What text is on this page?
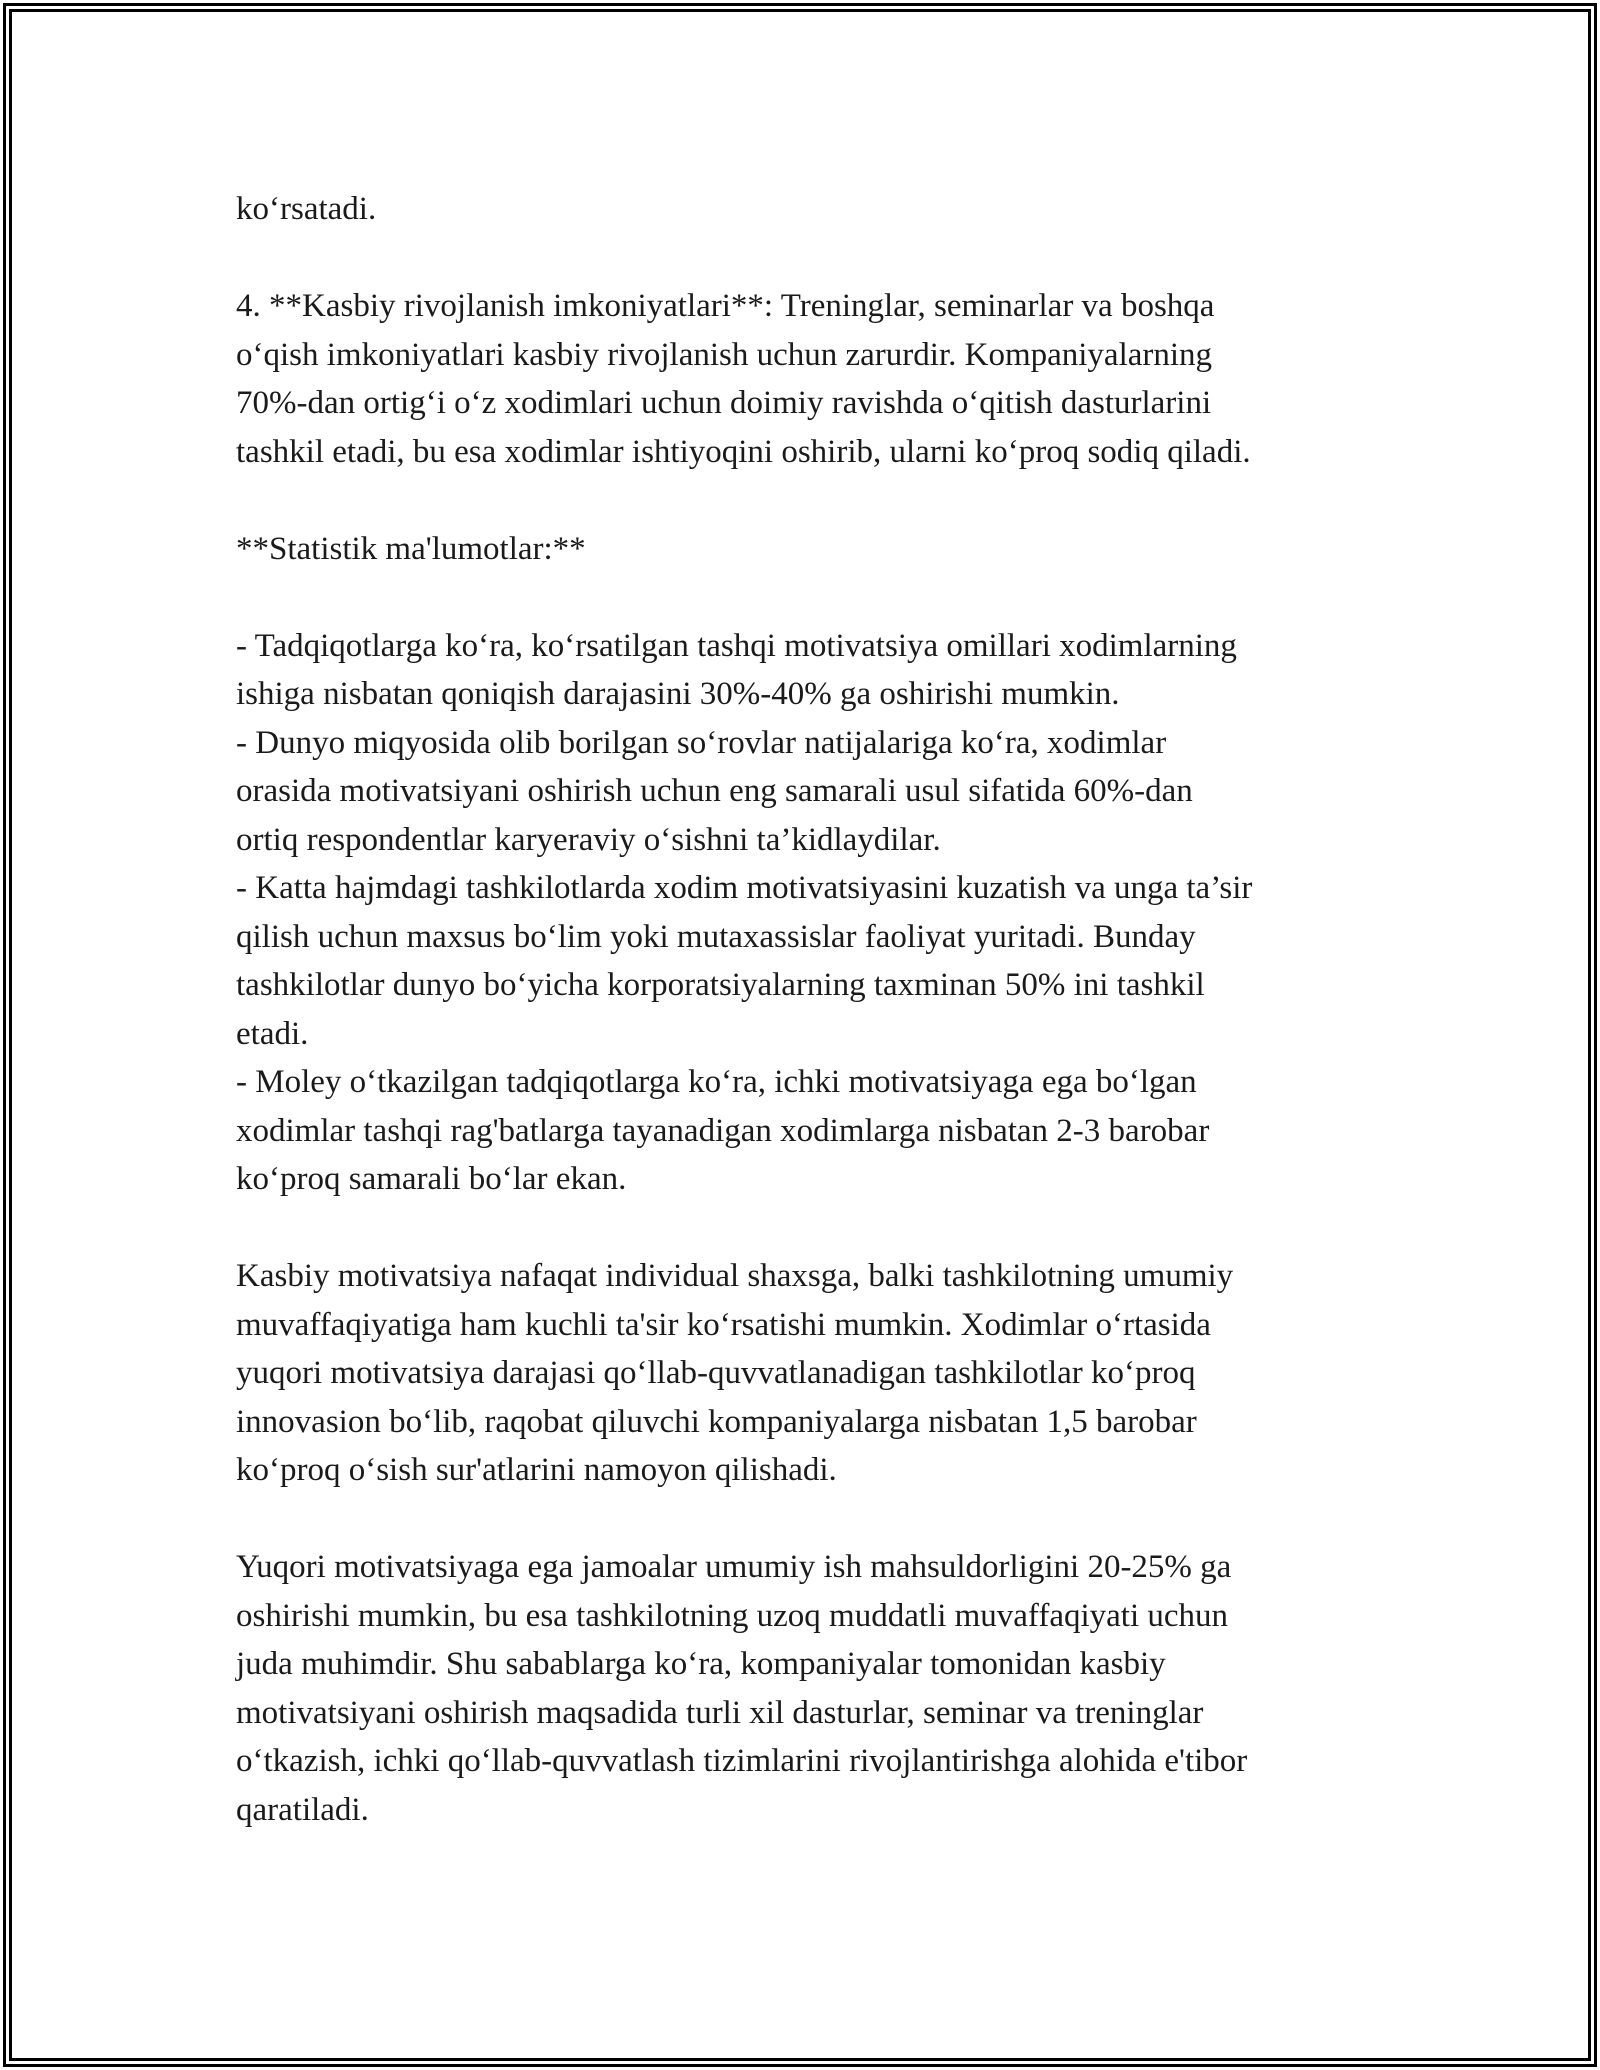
ko‘rsatadi.

4. **Kasbiy rivojlanish imkoniyatlari**: Treninglar, seminarlar va boshqa
o‘qish imkoniyatlari kasbiy rivojlanish uchun zarurdir. Kompaniyalarning
70%-dan ortig‘i o‘z xodimlari uchun doimiy ravishda o‘qitish dasturlarini
tashkil etadi, bu esa xodimlar ishtiyoqini oshirib, ularni ko‘proq sodiq qiladi.

**Statistik ma'lumotlar:**

- Tadqiqotlarga ko‘ra, ko‘rsatilgan tashqi motivatsiya omillari xodimlarning
ishiga nisbatan qoniqish darajasini 30%-40% ga oshirishi mumkin.
- Dunyo miqyosida olib borilgan so‘rovlar natijalariga ko‘ra, xodimlar
orasida motivatsiyani oshirish uchun eng samarali usul sifatida 60%-dan
ortiq respondentlar karyeraviy o‘sishni ta’kidlaydilar.
- Katta hajmdagi tashkilotlarda xodim motivatsiyasini kuzatish va unga ta’sir
qilish uchun maxsus bo‘lim yoki mutaxassislar faoliyat yuritadi. Bunday
tashkilotlar dunyo bo‘yicha korporatsiyalarning taxminan 50% ini tashkil
etadi.
- Moley o‘tkazilgan tadqiqotlarga ko‘ra, ichki motivatsiyaga ega bo‘lgan
xodimlar tashqi rag'batlarga tayanadigan xodimlarga nisbatan 2-3 barobar
ko‘proq samarali bo‘lar ekan.

Kasbiy motivatsiya nafaqat individual shaxsga, balki tashkilotning umumiy
muvaffaqiyatiga ham kuchli ta'sir ko‘rsatishi mumkin. Xodimlar o‘rtasida
yuqori motivatsiya darajasi qo‘llab-quvvatlanadigan tashkilotlar ko‘proq
innovasion bo‘lib, raqobat qiluvchi kompaniyalarga nisbatan 1,5 barobar
ko‘proq o‘sish sur'atlarini namoyon qilishadi.

Yuqori motivatsiyaga ega jamoalar umumiy ish mahsuldorligini 20-25% ga
oshirishi mumkin, bu esa tashkilotning uzoq muddatli muvaffaqiyati uchun
juda muhimdir. Shu sabablarga ko‘ra, kompaniyalar tomonidan kasbiy
motivatsiyani oshirish maqsadida turli xil dasturlar, seminar va treninglar
o‘tkazish, ichki qo‘llab-quvvatlash tizimlarini rivojlantirishga alohida e'tibor
qaratiladi.
